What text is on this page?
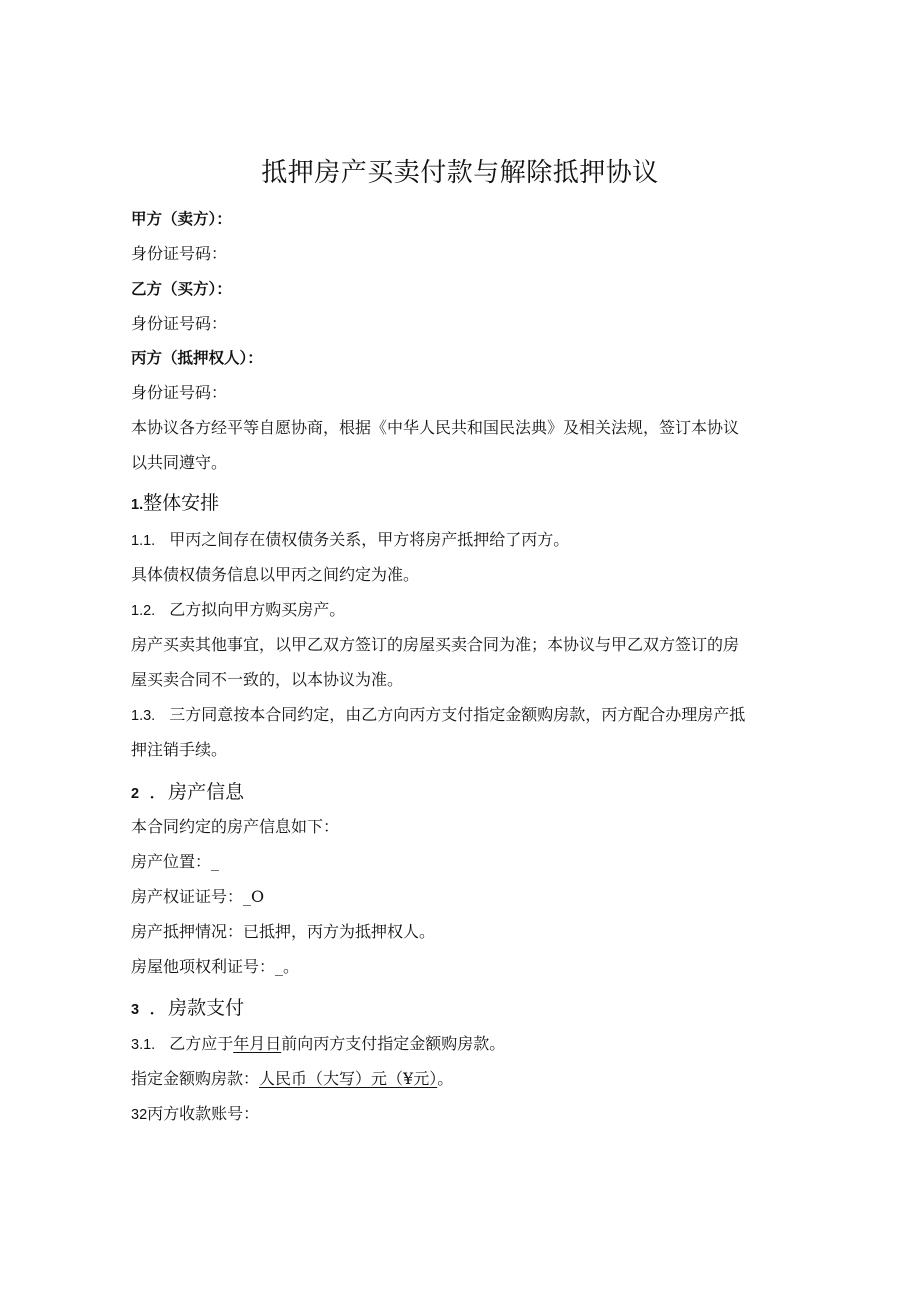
抵押房产买卖付款与解除抵押协议
甲方（卖方）：
身份证号码：
乙方（买方）：
身份证号码：
丙方（抵押权人）：
身份证号码：
本协议各方经平等自愿协商，根据《中华人民共和国民法典》及相关法规，签订本协议
以共同遵守。
1.整体安排
1.1. 甲丙之间存在债权债务关系，甲方将房产抵押给了丙方。
具体债权债务信息以甲丙之间约定为准。
1.2. 乙方拟向甲方购买房产。
房产买卖其他事宜，以甲乙双方签订的房屋买卖合同为准；本协议与甲乙双方签订的房
屋买卖合同不一致的，以本协议为准。
1.3. 三方同意按本合同约定，由乙方向丙方支付指定金额购房款，丙方配合办理房产抵
押注销手续。
2 ．房产信息
本合同约定的房产信息如下：
房产位置：_
房产权证证号：_O
房产抵押情况：已抵押，丙方为抵押权人。
房屋他项权利证号：_。
3 ．房款支付
3.1. 乙方应于年月日前向丙方支付指定金额购房款。
指定金额购房款：人民币（大写）元（¥元）。
32丙方收款账号：
